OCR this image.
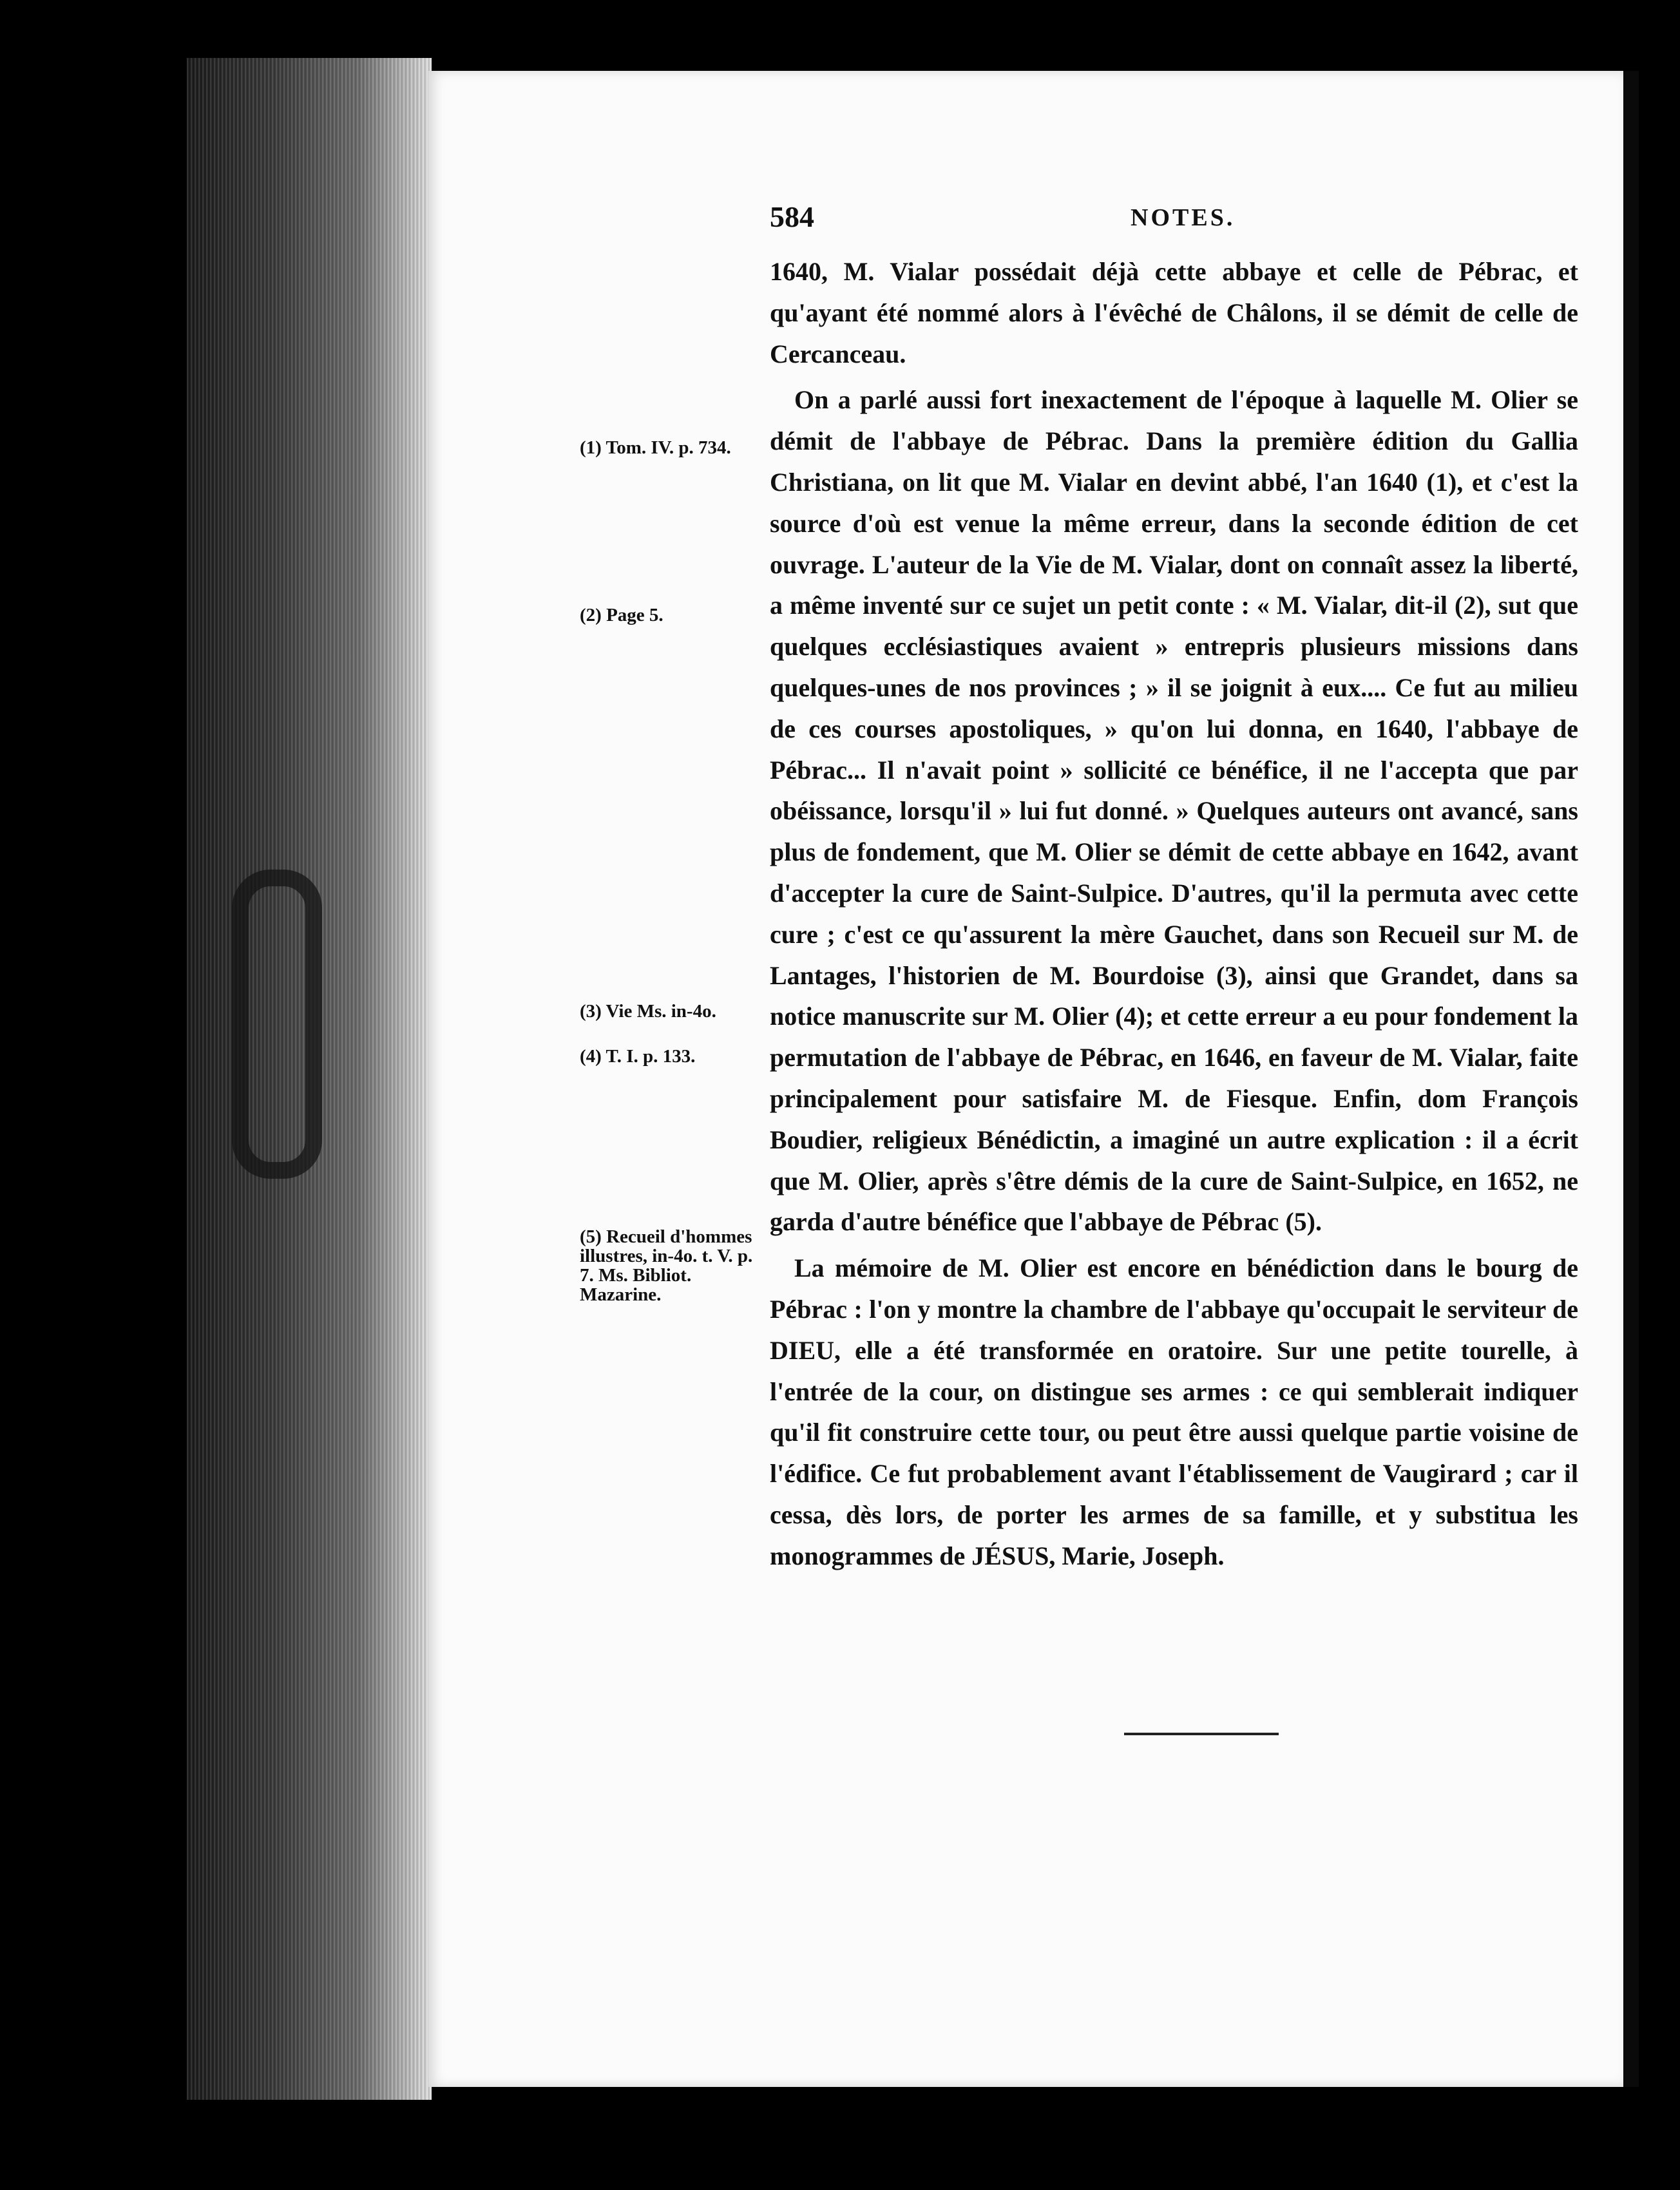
584	NOTES.

1640, M. Vialar possédait déjà cette abbaye et celle de Pébrac, et qu'ayant été nommé alors à l'évêché de Châlons, il se démit de celle de Cercanceau.

On a parlé aussi fort inexactement de l'époque à laquelle M. Olier se démit de l'abbaye de Pébrac. Dans la première édition du Gallia Christiana, on lit que M. Vialar en devint abbé, l'an 1640 (1), et c'est la source d'où est venue la même erreur, dans la seconde édition de cet ouvrage. L'auteur de la Vie de M. Vialar, dont on connaît assez la liberté, a même inventé sur ce sujet un petit conte : « M. Vialar, dit-il (2), sut que quelques ecclésiastiques avaient » entrepris plusieurs missions dans quelques-unes de nos provinces ; » il se joignit à eux.... Ce fut au milieu de ces courses apostoliques, » qu'on lui donna, en 1640, l'abbaye de Pébrac... Il n'avait point » sollicité ce bénéfice, il ne l'accepta que par obéissance, lorsqu'il » lui fut donné. » Quelques auteurs ont avancé, sans plus de fondement, que M. Olier se démit de cette abbaye en 1642, avant d'accepter la cure de Saint-Sulpice. D'autres, qu'il la permuta avec cette cure ; c'est ce qu'assurent la mère Gauchet, dans son Recueil sur M. de Lantages, l'historien de M. Bourdoise (3), ainsi que Grandet, dans sa notice manuscrite sur M. Olier (4); et cette erreur a eu pour fondement la permutation de l'abbaye de Pébrac, en 1646, en faveur de M. Vialar, faite principalement pour satisfaire M. de Fiesque. Enfin, dom François Boudier, religieux Bénédictin, a imaginé un autre explication : il a écrit que M. Olier, après s'être démis de la cure de Saint-Sulpice, en 1652, ne garda d'autre bénéfice que l'abbaye de Pébrac (5).

La mémoire de M. Olier est encore en bénédiction dans le bourg de Pébrac : l'on y montre la chambre de l'abbaye qu'occupait le serviteur de DIEU, elle a été transformée en oratoire. Sur une petite tourelle, à l'entrée de la cour, on distingue ses armes : ce qui semblerait indiquer qu'il fit construire cette tour, ou peut être aussi quelque partie voisine de l'édifice. Ce fut probablement avant l'établissement de Vaugirard ; car il cessa, dès lors, de porter les armes de sa famille, et y substitua les monogrammes de JÉSUS, Marie, Joseph.

(1) Tom. IV. p. 734.
(2) Page 5.
(3) Vie Ms. in-4o.
(4) T. I. p. 133.
(5) Recueil d'hommes illustres, in-4o. t. V. p. 7. Ms. Bibliot. Mazarine.
